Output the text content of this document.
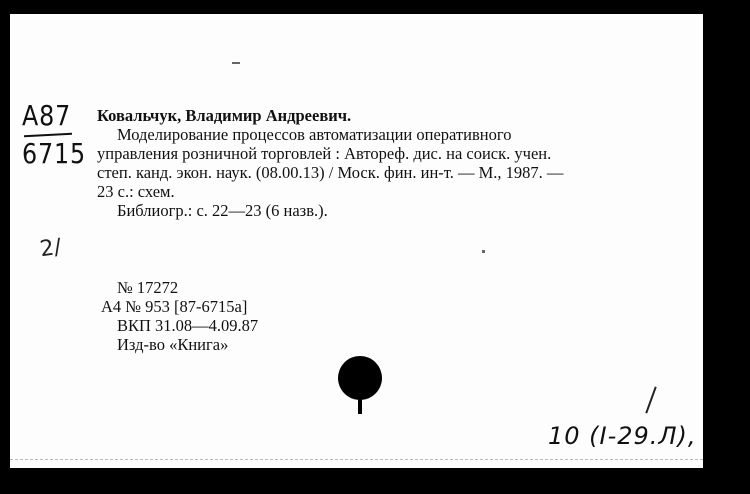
A87
6715
2/
Ковальчук, Владимир Андреевич.
Моделирование процессов автоматизации оперативного
управления розничной торговлей : Автореф. дис. на соиск. учен.
степ. канд. экон. наук. (08.00.13) / Моск. фин. ин-т. — М., 1987. —
23 с.: схем.
Библиогр.: с. 22—23 (6 назв.).
№ 17272
А4 № 953 [87-6715а]
ВКП 31.08—4.09.87
Изд-во «Книга»
10 (I-29.Л),
